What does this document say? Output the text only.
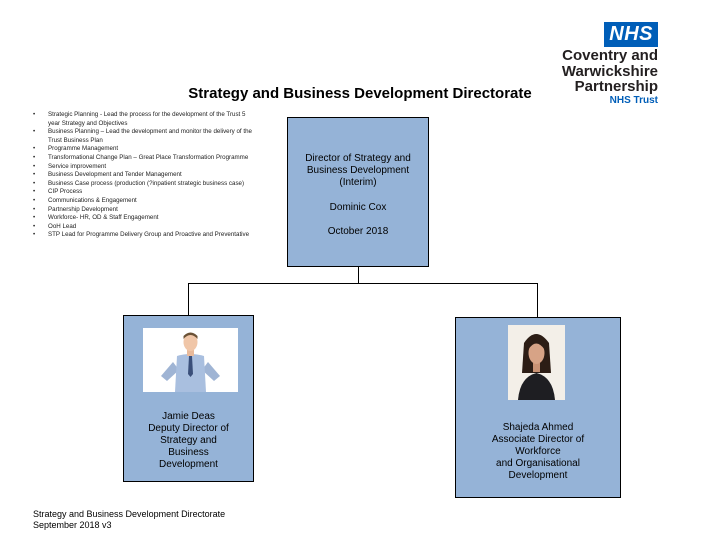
NHS
Coventry and
Warwickshire Partnership
NHS Trust
Strategy and Business Development Directorate
• Strategic Planning - Lead the process for the development of the Trust 5 year Strategy and Objectives
• Business Planning – Lead the development and monitor the delivery of the Trust Business Plan
• Programme Management
• Transformational Change Plan – Great Place Transformation Programme
• Service improvement
• Business Development and Tender Management
• Business Case process (production (?inpatient strategic business case)
• CIP Process
• Communications & Engagement
• Partnership Development
• Workforce- HR, OD & Staff Engagement
• OoH Lead
• STP Lead for Programme Delivery Group and Proactive and Preventative
Director of Strategy and
Business Development
(Interim)
Dominic Cox
October 2018
Jamie Deas
Deputy Director of
Strategy and
Business
Development
Shajeda Ahmed
Associate Director of
Workforce
and Organisational
Development
Strategy and Business Development Directorate
September 2018 v3
